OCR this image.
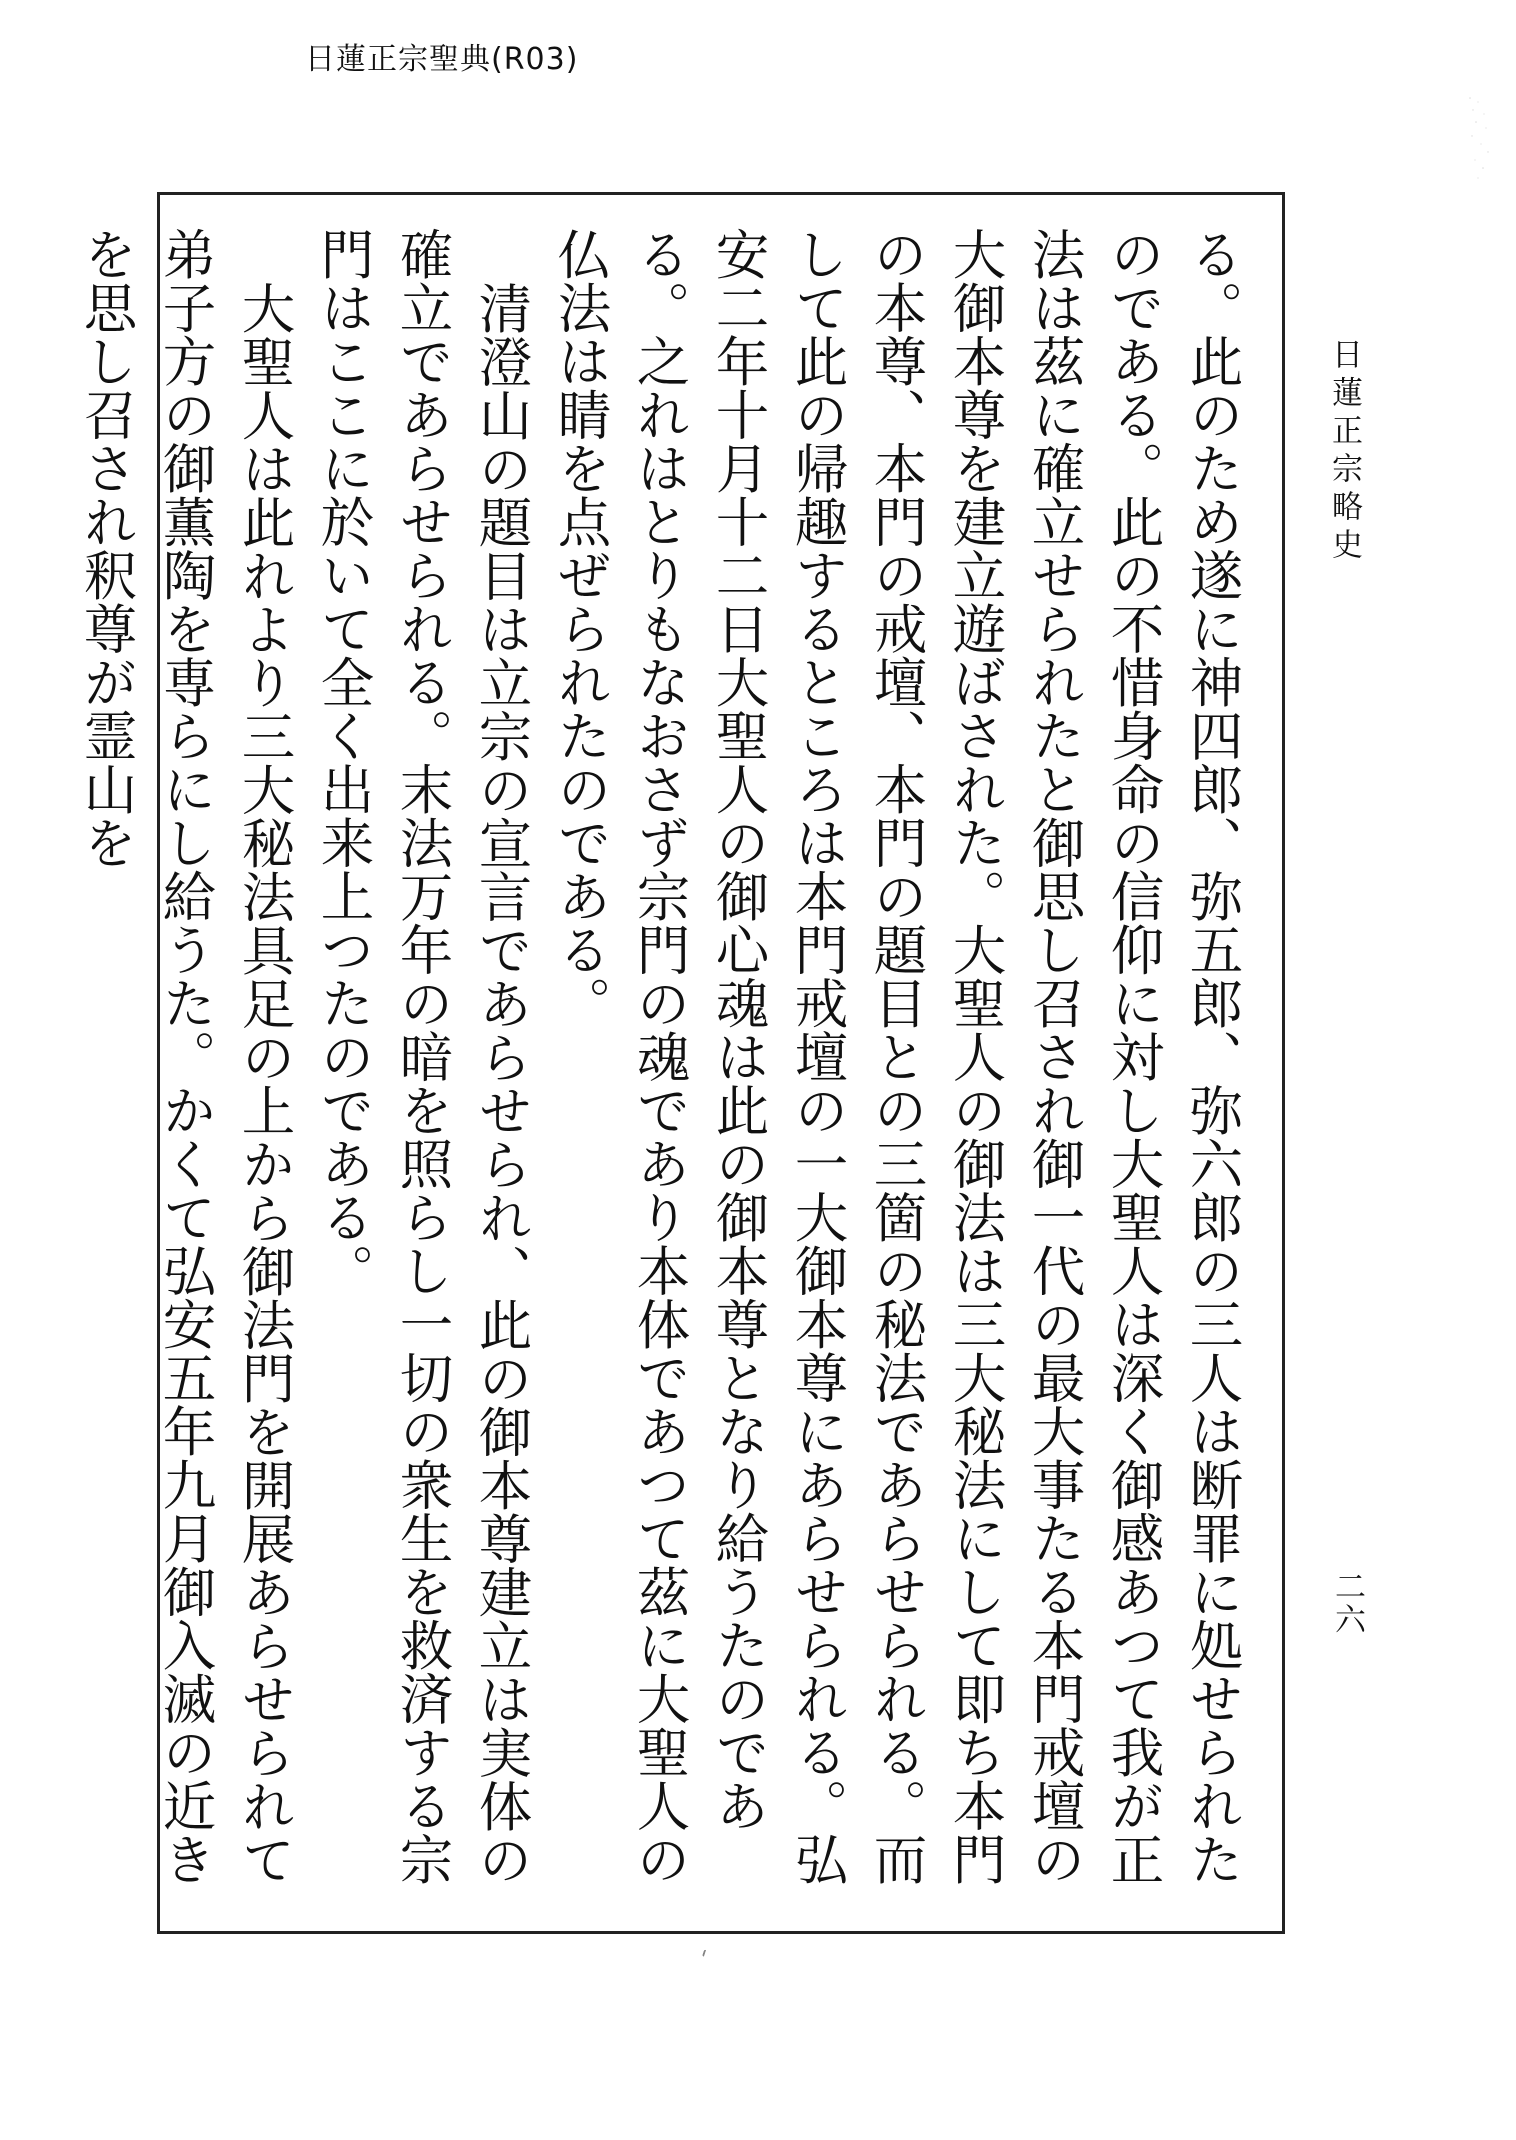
日蓮正宗聖典(R03)

る。此のため遂に神四郎、弥五郎、弥六郎の三人は断罪に処せられたのである。此の不惜身命の信仰に対し大聖人は深く御感あつて我が正法は茲に確立せられたと御思し召され御一代の最大事たる本門戒壇の大御本尊を建立遊ばされた。大聖人の御法は三大秘法にして即ち本門の本尊、本門の戒壇、本門の題目との三箇の秘法であらせられる。而して此の帰趣するところは本門戒壇の一大御本尊にあらせられる。弘安二年十月十二日大聖人の御心魂は此の御本尊となり給うたのである。之れはとりもなおさず宗門の魂であり本体であつて茲に大聖人の仏法は睛を点ぜられたのである。

清澄山の題目は立宗の宣言であらせられ、此の御本尊建立は実体の確立であらせられる。末法万年の暗を照らし一切の衆生を救済する宗門はここに於いて全く出来上つたのである。

大聖人は此れより三大秘法具足の上から御法門を開展あらせられて弟子方の御薫陶を専らにし給うた。かくて弘安五年九月御入滅の近きを思し召され釈尊が霊山を	日蓮正宗略史
二六
